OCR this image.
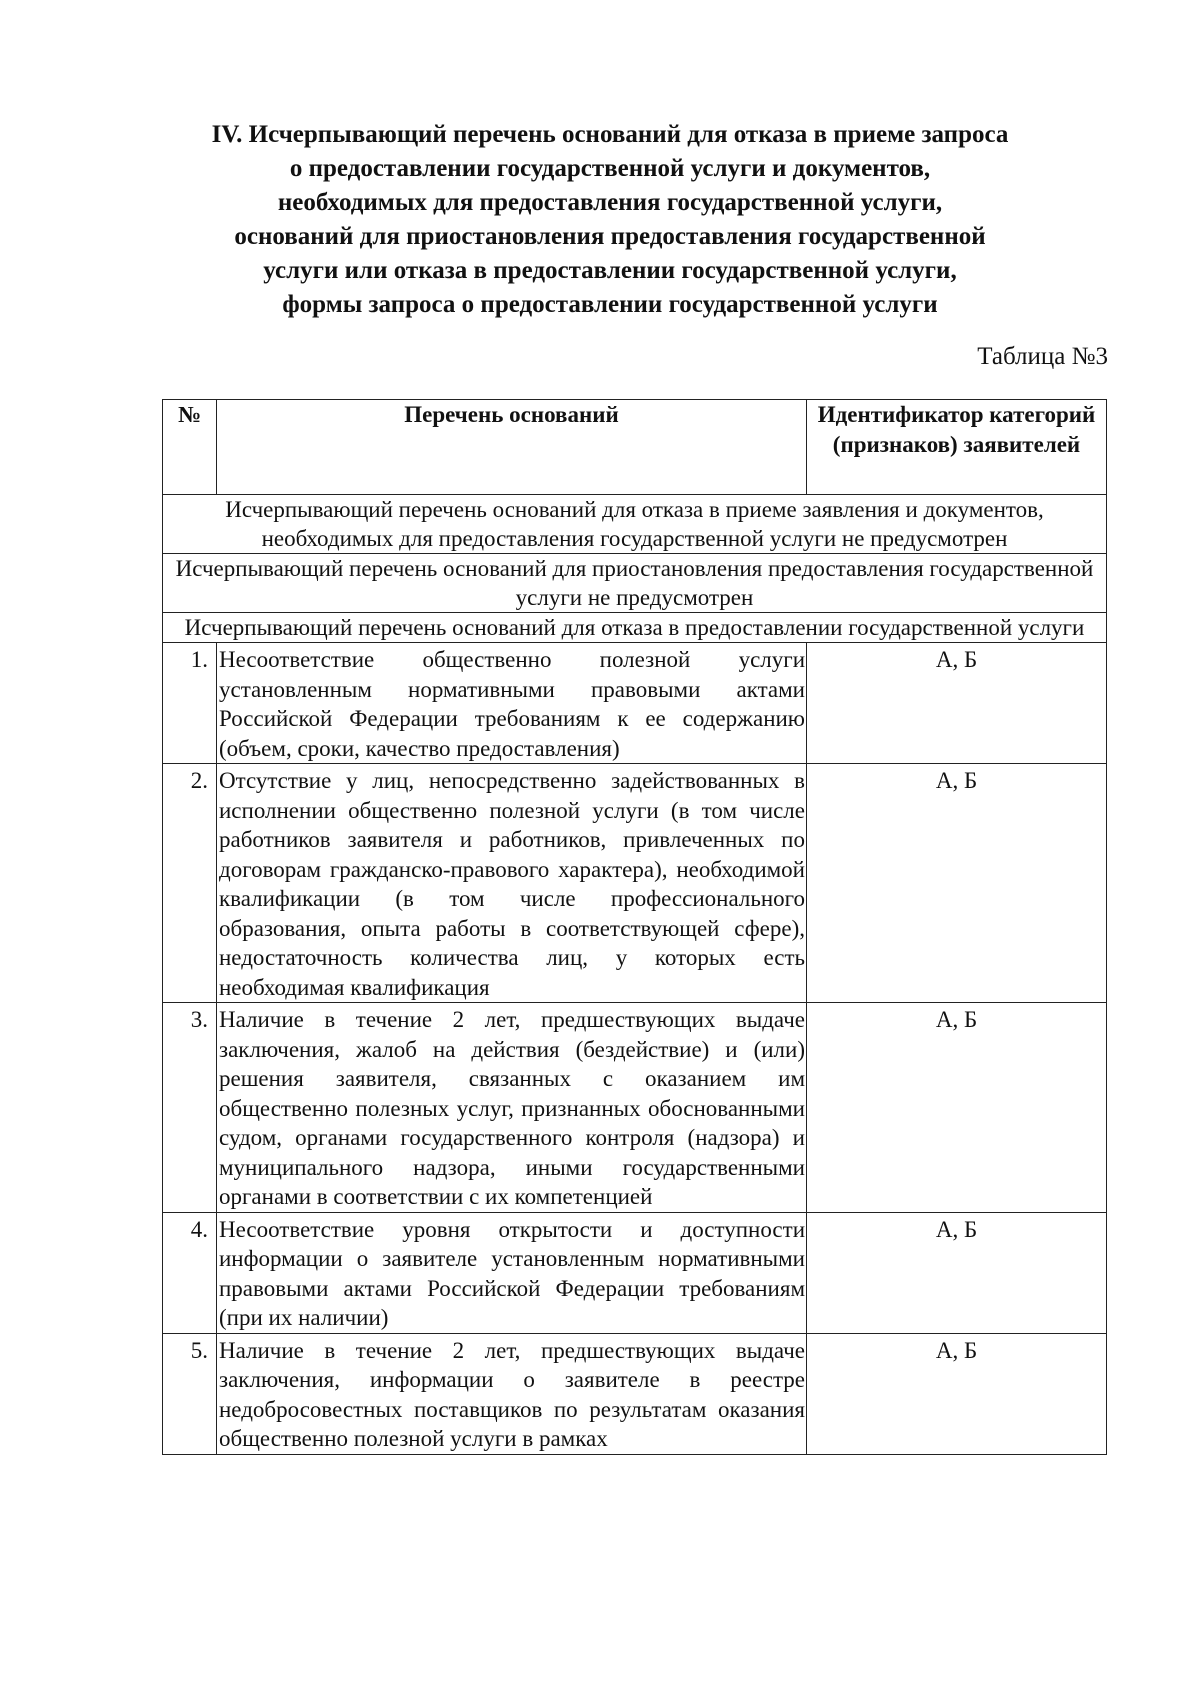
IV. Исчерпывающий перечень оснований для отказа в приеме запроса
о предоставлении государственной услуги и документов,
необходимых для предоставления государственной услуги,
оснований для приостановления предоставления государственной
услуги или отказа в предоставлении государственной услуги,
формы запроса о предоставлении государственной услуги
Таблица №3
№	Перечень оснований	Идентификатор категорий (признаков) заявителей
Исчерпывающий перечень оснований для отказа в приеме заявления и документов, необходимых для предоставления государственной услуги не предусмотрен		
Исчерпывающий перечень оснований для приостановления предоставления государственной услуги не предусмотрен		
Исчерпывающий перечень оснований для отказа в предоставлении государственной услуги		
1.	Несоответствие общественно полезной услуги установленным нормативными правовыми актами Российской Федерации требованиям к ее содержанию (объем, сроки, качество предоставления)	А, Б
2.	Отсутствие у лиц, непосредственно задействованных в исполнении общественно полезной услуги (в том числе работников заявителя и работников, привлеченных по договорам гражданско-правового характера), необходимой квалификации (в том числе профессионального образования, опыта работы в соответствующей сфере), недостаточность количества лиц, у которых есть необходимая квалификация	А, Б
3.	Наличие в течение 2 лет, предшествующих выдаче заключения, жалоб на действия (бездействие) и (или) решения заявителя, связанных с оказанием им общественно полезных услуг, признанных обоснованными судом, органами государственного контроля (надзора) и муниципального надзора, иными государственными органами в соответствии с их компетенцией	А, Б
4.	Несоответствие уровня открытости и доступности информации о заявителе установленным нормативными правовыми актами Российской Федерации требованиям (при их наличии)	А, Б
5.	Наличие в течение 2 лет, предшествующих выдаче заключения, информации о заявителе в реестре недобросовестных поставщиков по результатам оказания общественно полезной услуги в рамках	А, Б
